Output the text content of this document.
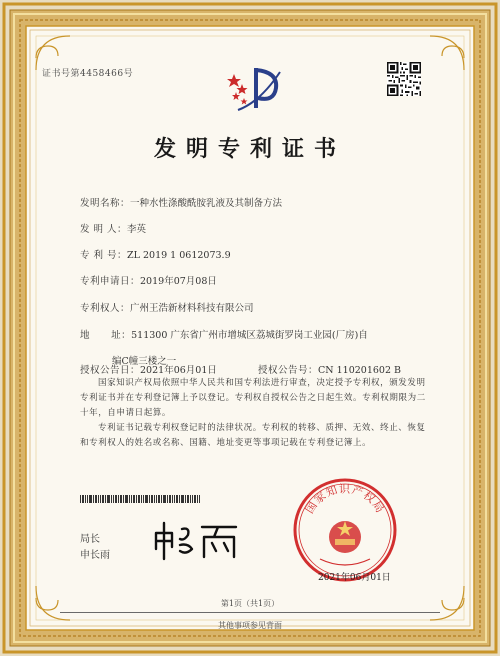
证书号第4458466号
发明专利证书
发明名称：一种水性涤酸酰胺乳液及其制备方法
发 明 人：李英
专 利 号：ZL 2019 1 0612073.9
专利申请日：2019年07月08日
专利权人：广州王浩新材料科技有限公司
地      址：511300 广东省广州市增城区荔城街罗岗工业园(厂房)自
编C幢三楼之一
授权公告日：2021年06月01日	授权公告号：CN 110201602 B
国家知识产权局依照中华人民共和国专利法进行审查，决定授予专利权，颁发发明专利证书并在专利登记簿上予以登记。专利权自授权公告之日起生效。专利权期限为二十年，自申请日起算。
专利证书记载专利权登记时的法律状况。专利权的转移、质押、无效、终止、恢复和专利权人的姓名或名称、国籍、地址变更等事项记载在专利登记簿上。
局长
申长雨
国家知识产权局
2021年06月01日
第1页（共1页）
其他事项参见背面
